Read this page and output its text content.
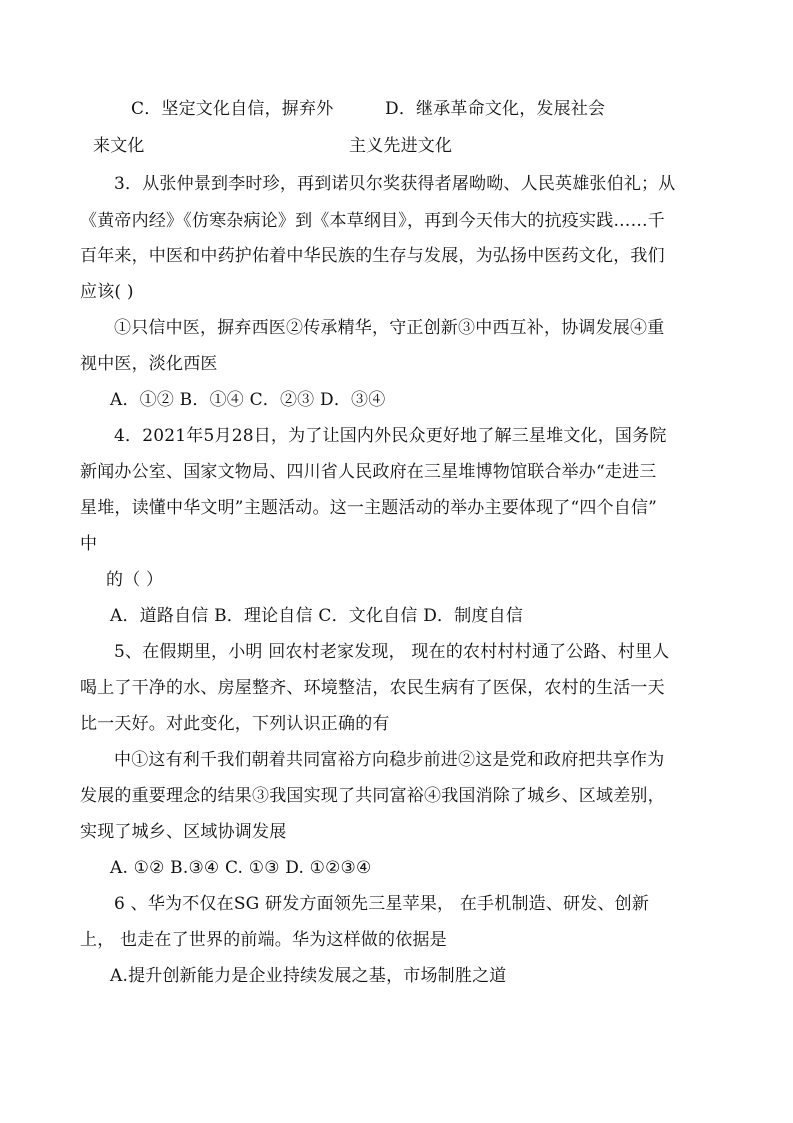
C．坚定文化自信，摒弃外	D．继承革命文化，发展社会
来文化	主义先进文化
3．从张仲景到李时珍，再到诺贝尔奖获得者屠呦呦、人民英雄张伯礼；从
《黄帝内经》《仿寒杂病论》到《本草纲目》，再到今天伟大的抗疫实践……千
百年来，中医和中药护佑着中华民族的生存与发展，为弘扬中医药文化，我们
应该( )
①只信中医，摒弃西医②传承精华，守正创新③中西互补，协调发展④重
视中医，淡化西医
A．①② B．①④ C．②③ D．③④
4．2021年5月28日，为了让国内外民众更好地了解三星堆文化，国务院
新闻办公室、国家文物局、四川省人民政府在三星堆博物馆联合举办“走进三
星堆，读懂中华文明”主题活动。这一主题活动的举办主要体现了“四个自信”
中
的（ ）
A．道路自信 B．理论自信 C．文化自信 D．制度自信
5、在假期里，小明 回农村老家发现， 现在的农村村村通了公路、村里人
喝上了干净的水、房屋整齐、环境整洁，农民生病有了医保，农村的生活一天
比一天好。对此变化，下列认识正确的有
中①这有利千我们朝着共同富裕方向稳步前进②这是党和政府把共享作为
发展的重要理念的结果③我国实现了共同富裕④我国消除了城乡、区域差别，
实现了城乡、区域协调发展
A. ①② B.③④ C. ①③ D. ①②③④
6 、华为不仅在SG 研发方面领先三星苹果， 在手机制造、研发、创新
上， 也走在了世界的前端。华为这样做的依据是
A.提升创新能力是企业持续发展之基，市场制胜之道
